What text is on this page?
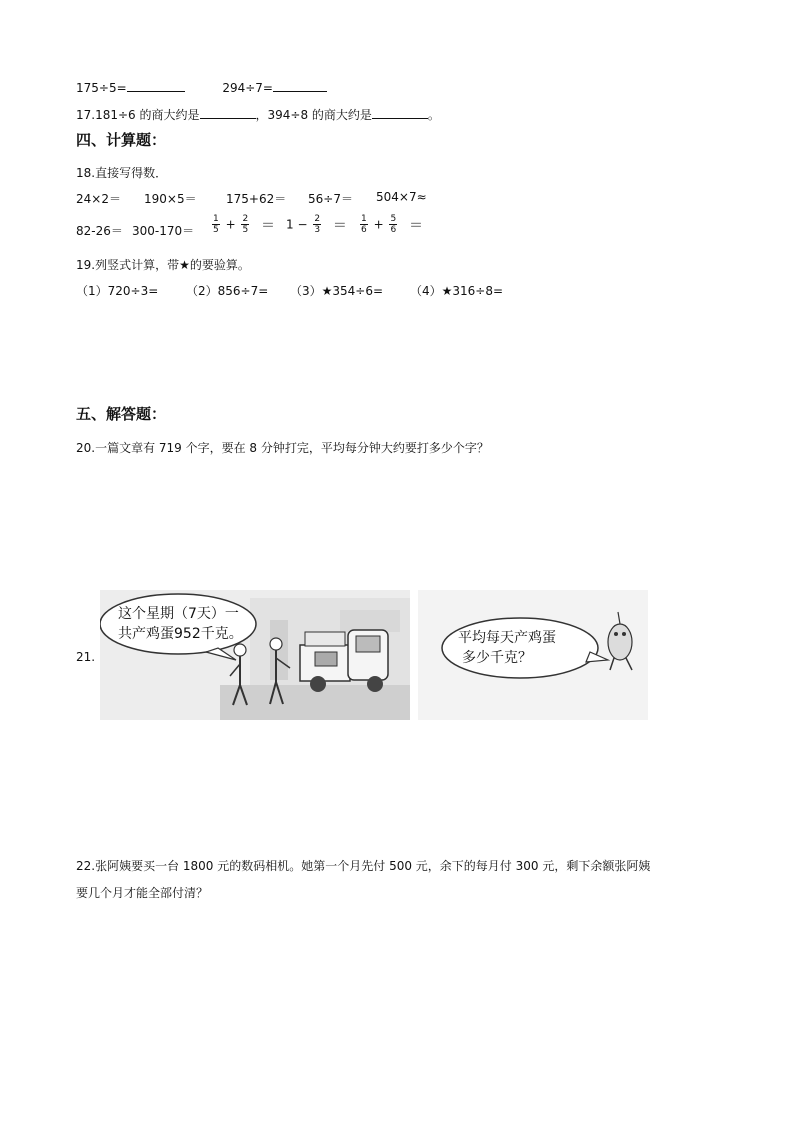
175÷5=	294÷7=
17.181÷6 的商大约是	，394÷8 的商大约是	。
四、计算题：
18.直接写得数．
24×2＝ 190×5＝ 175+62＝ 56÷7＝ 504×7≈
$82-26= 300-170= \frac{1}{5} + \frac{2}{5} = 1 - \frac{2}{3} = \frac{1}{6} + \frac{5}{6}$ ＝
19.列竖式计算，带★的要验算。
（1）720÷3= （2）856÷7= （3）★354÷6= （4）★316÷8=
五、解答题：
20.一篇文章有 719 个字，要在 8 分钟打完，平均每分钟大约要打多少个字？
21.
这个星期（7天）一
共产鸡蛋952千克。	平均每天产鸡蛋
多少千克？
22.张阿姨要买一台 1800 元的数码相机。她第一个月先付 500 元，余下的每月付 300 元，剩下余额张阿姨
要几个月才能全部付清？
